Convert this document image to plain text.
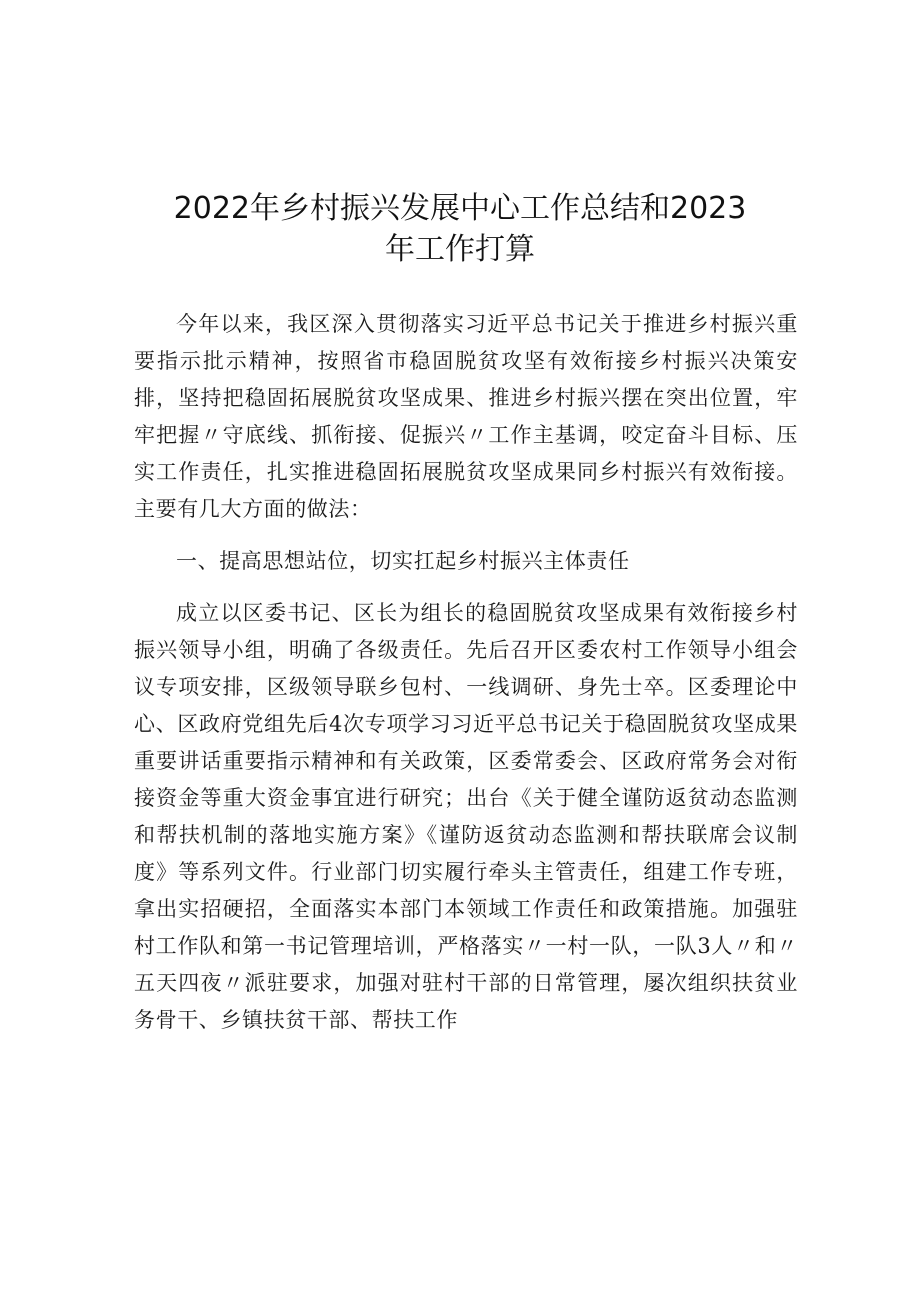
2022年乡村振兴发展中心工作总结和2023
年工作打算

今年以来，我区深入贯彻落实习近平总书记关于推进乡村振兴重要指示批示精神，按照省市稳固脱贫攻坚有效衔接乡村振兴决策安排，坚持把稳固拓展脱贫攻坚成果、推进乡村振兴摆在突出位置，牢牢把握〃守底线、抓衔接、促振兴〃工作主基调，咬定奋斗目标、压实工作责任，扎实推进稳固拓展脱贫攻坚成果同乡村振兴有效衔接。主要有几大方面的做法：

一、提高思想站位，切实扛起乡村振兴主体责任

成立以区委书记、区长为组长的稳固脱贫攻坚成果有效衔接乡村振兴领导小组，明确了各级责任。先后召开区委农村工作领导小组会议专项安排，区级领导联乡包村、一线调研、身先士卒。区委理论中心、区政府党组先后4次专项学习习近平总书记关于稳固脱贫攻坚成果重要讲话重要指示精神和有关政策，区委常委会、区政府常务会对衔接资金等重大资金事宜进行研究；出台《关于健全谨防返贫动态监测和帮扶机制的落地实施方案》《谨防返贫动态监测和帮扶联席会议制度》等系列文件。行业部门切实履行牵头主管责任，组建工作专班，拿出实招硬招，全面落实本部门本领域工作责任和政策措施。加强驻村工作队和第一书记管理培训，严格落实〃一村一队，一队3人〃和〃五天四夜〃派驻要求，加强对驻村干部的日常管理，屡次组织扶贫业务骨干、乡镇扶贫干部、帮扶工作
